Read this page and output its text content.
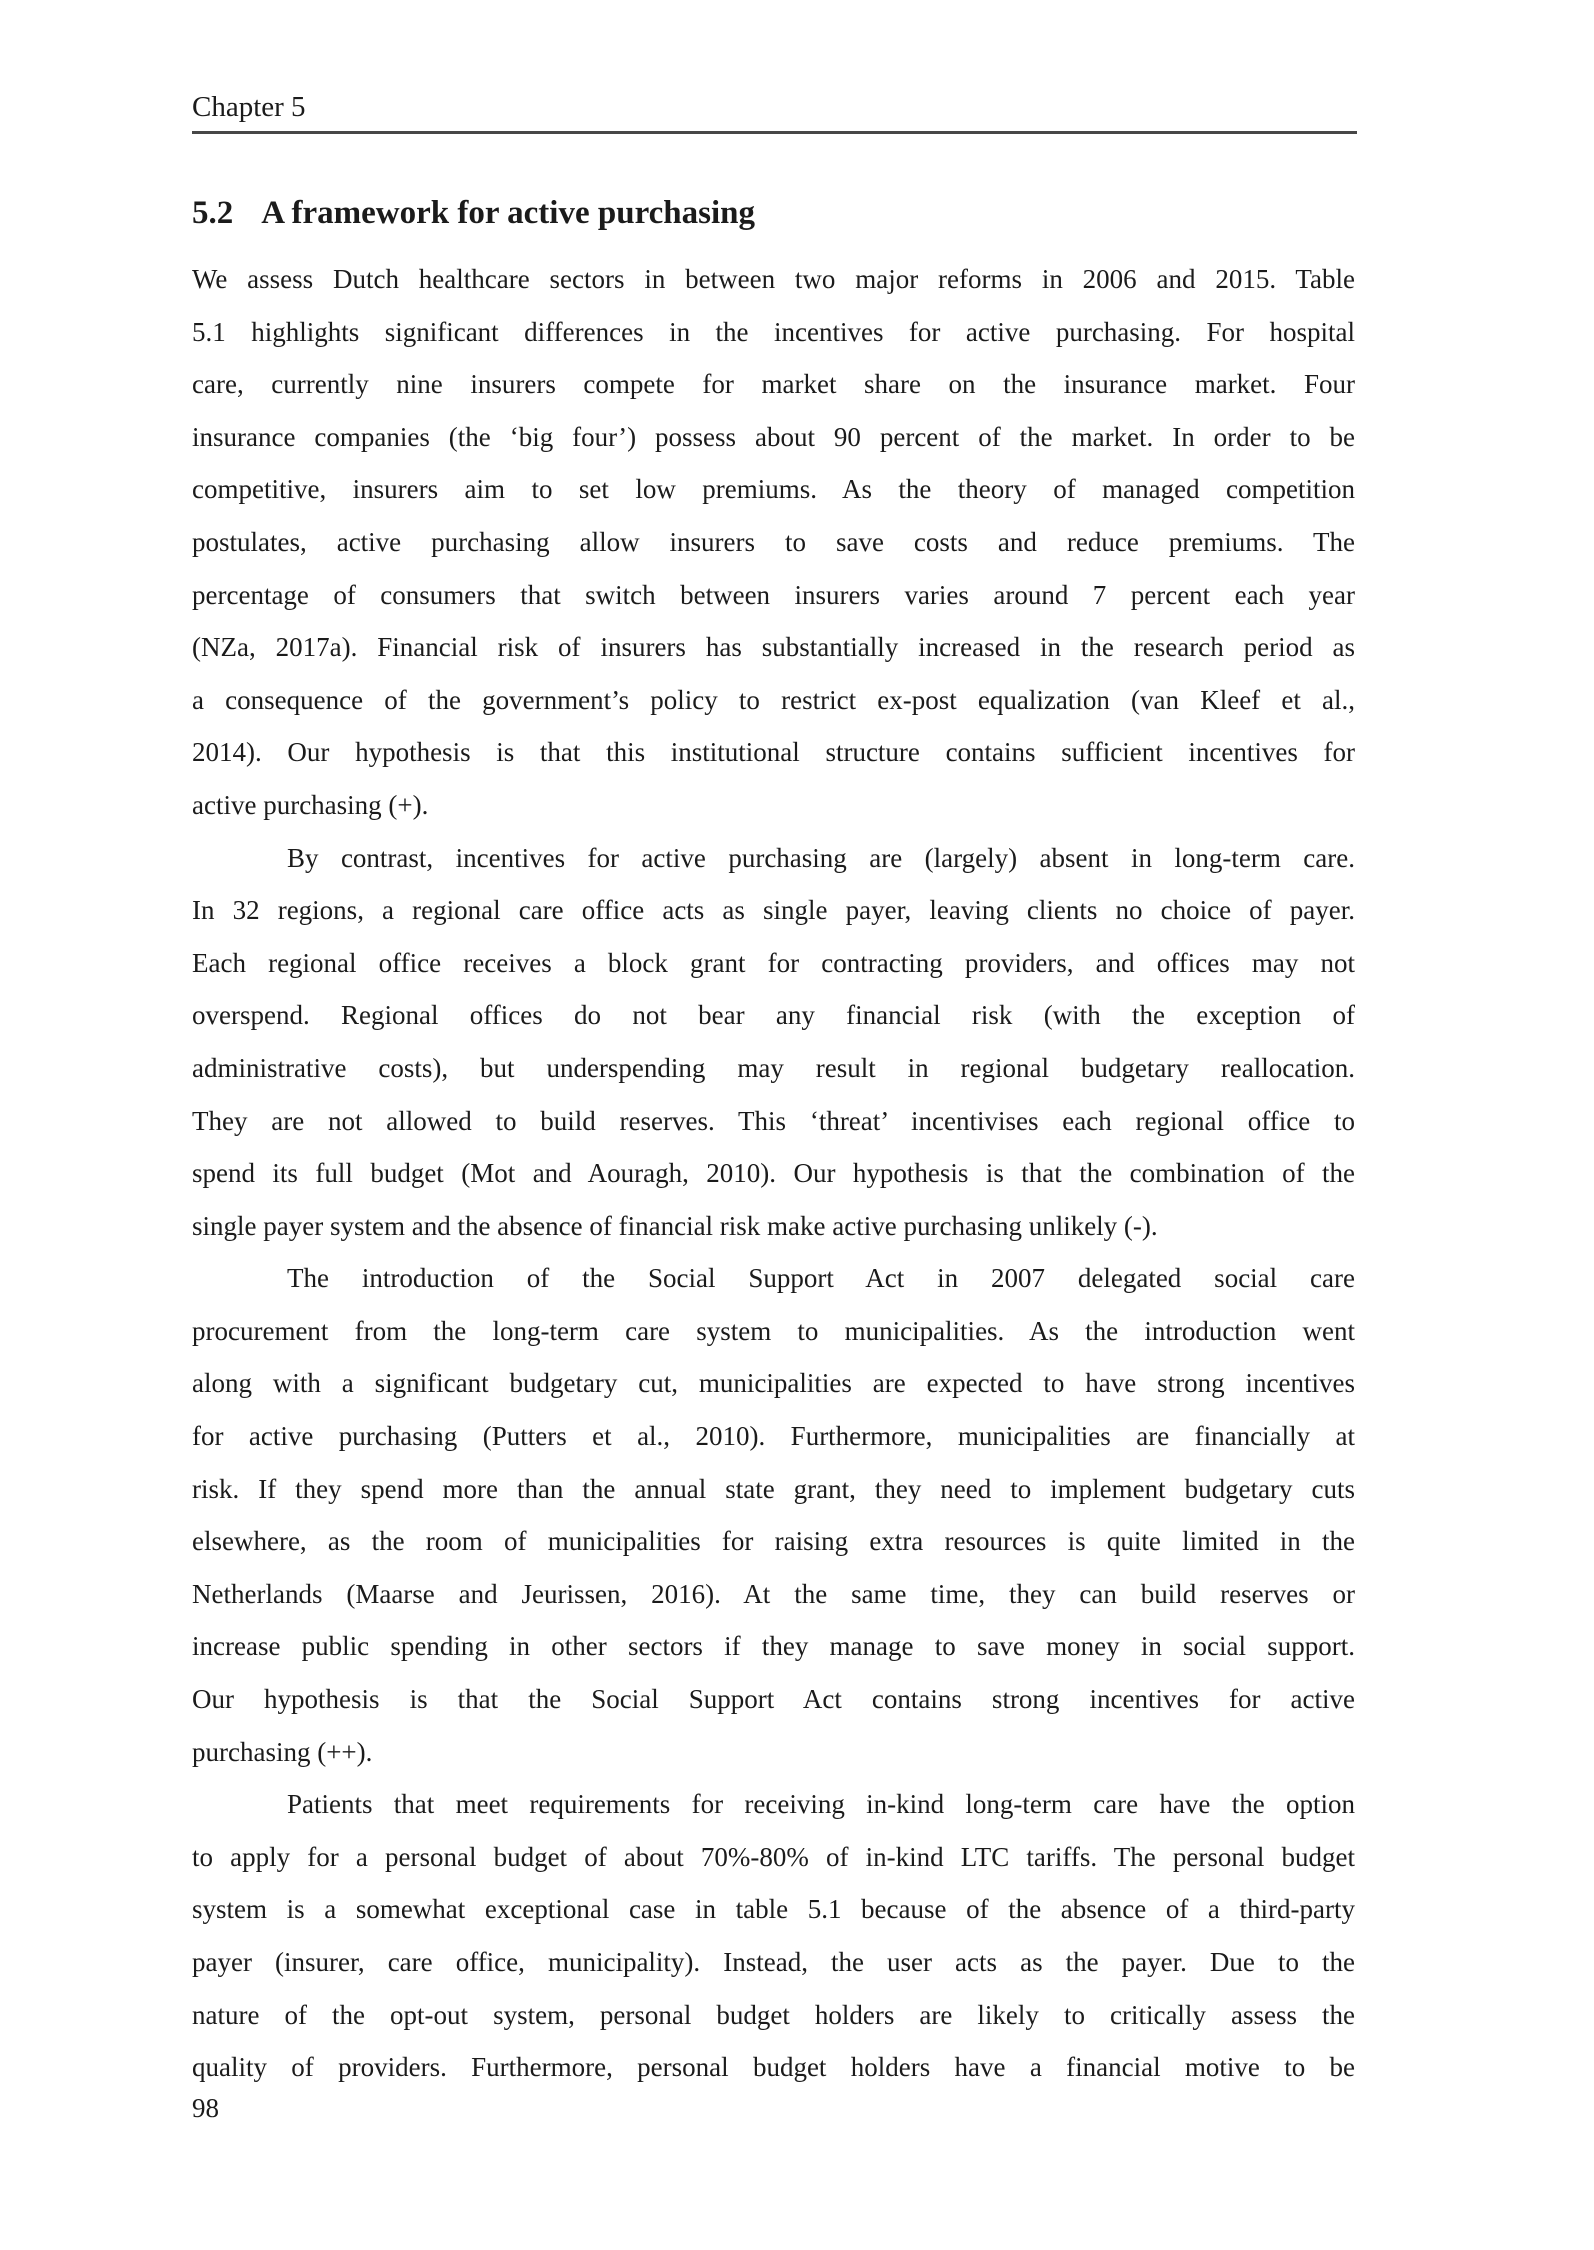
Chapter 5
5.2 A framework for active purchasing
We assess Dutch healthcare sectors in between two major reforms in 2006 and 2015. Table
5.1 highlights significant differences in the incentives for active purchasing. For hospital
care, currently nine insurers compete for market share on the insurance market. Four
insurance companies (the ‘big four’) possess about 90 percent of the market. In order to be
competitive, insurers aim to set low premiums. As the theory of managed competition
postulates, active purchasing allow insurers to save costs and reduce premiums. The
percentage of consumers that switch between insurers varies around 7 percent each year
(NZa, 2017a). Financial risk of insurers has substantially increased in the research period as
a consequence of the government’s policy to restrict ex-post equalization (van Kleef et al.,
2014). Our hypothesis is that this institutional structure contains sufficient incentives for
active purchasing (+).
By contrast, incentives for active purchasing are (largely) absent in long-term care.
In 32 regions, a regional care office acts as single payer, leaving clients no choice of payer.
Each regional office receives a block grant for contracting providers, and offices may not
overspend. Regional offices do not bear any financial risk (with the exception of
administrative costs), but underspending may result in regional budgetary reallocation.
They are not allowed to build reserves. This ‘threat’ incentivises each regional office to
spend its full budget (Mot and Aouragh, 2010). Our hypothesis is that the combination of the
single payer system and the absence of financial risk make active purchasing unlikely (-).
The introduction of the Social Support Act in 2007 delegated social care
procurement from the long-term care system to municipalities. As the introduction went
along with a significant budgetary cut, municipalities are expected to have strong incentives
for active purchasing (Putters et al., 2010). Furthermore, municipalities are financially at
risk. If they spend more than the annual state grant, they need to implement budgetary cuts
elsewhere, as the room of municipalities for raising extra resources is quite limited in the
Netherlands (Maarse and Jeurissen, 2016). At the same time, they can build reserves or
increase public spending in other sectors if they manage to save money in social support.
Our hypothesis is that the Social Support Act contains strong incentives for active
purchasing (++).
Patients that meet requirements for receiving in-kind long-term care have the option
to apply for a personal budget of about 70%-80% of in-kind LTC tariffs. The personal budget
system is a somewhat exceptional case in table 5.1 because of the absence of a third-party
payer (insurer, care office, municipality). Instead, the user acts as the payer. Due to the
nature of the opt-out system, personal budget holders are likely to critically assess the
quality of providers. Furthermore, personal budget holders have a financial motive to be
98
